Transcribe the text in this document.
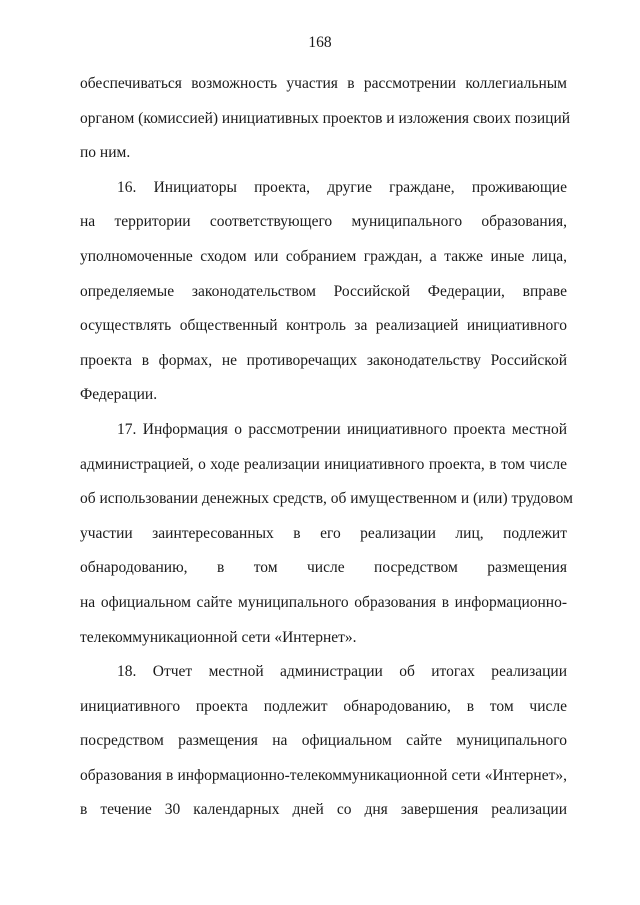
168
обеспечиваться возможность участия в рассмотрении коллегиальным
органом (комиссией) инициативных проектов и изложения своих позиций
по ним.
16. Инициаторы проекта, другие граждане, проживающие
на территории соответствующего муниципального образования,
уполномоченные сходом или собранием граждан, а также иные лица,
определяемые законодательством Российской Федерации, вправе
осуществлять общественный контроль за реализацией инициативного
проекта в формах, не противоречащих законодательству Российской
Федерации.
17. Информация о рассмотрении инициативного проекта местной
администрацией, о ходе реализации инициативного проекта, в том числе
об использовании денежных средств, об имущественном и (или) трудовом
участии заинтересованных в его реализации лиц, подлежит
обнародованию, в том числе посредством размещения
на официальном сайте муниципального образования в информационно-
телекоммуникационной сети «Интернет».
18. Отчет местной администрации об итогах реализации
инициативного проекта подлежит обнародованию, в том числе
посредством размещения на официальном сайте муниципального
образования в информационно-телекоммуникационной сети «Интернет»,
в течение 30 календарных дней со дня завершения реализации
